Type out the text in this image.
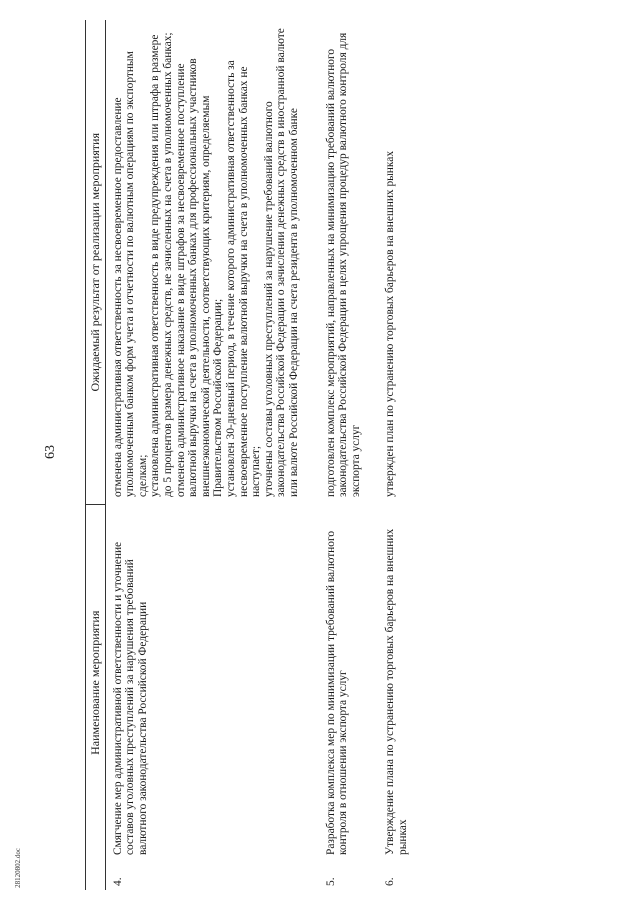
63
28120802.doc
	Наименование мероприятия	Ожидаемый результат от реализации мероприятия
4.	Смягчение мер административной ответственности и уточнение составов уголовных преступлений за нарушения требований валютного законодательства Российской Федерации	отменена административная ответственность за несвоевременное предоставление уполномоченным банком форм учета и отчетности по валютным операциям по экспортным сделкам; установлена административная ответственность в виде предупреждения или штрафа в размере до 5 процентов размера денежных средств, не зачисленных на счета в уполномоченных банках; отменено административное наказание в виде штрафов за несвоевременное поступление валютной выручки на счета в уполномоченных банках для профессиональных участников внешнеэкономической деятельности, соответствующих критериям, определяемым Правительством Российской Федерации; установлен 30-дневный период, в течение которого административная ответственность за несвоевременное поступление валютной выручки на счета в уполномоченных банках не наступает; уточнены составы уголовных преступлений за нарушение требований валютного законодательства Российской Федерации о зачислении денежных средств в иностранной валюте или валюте Российской Федерации на счета резидента в уполномоченном банке

5.	Разработка комплекса мер по минимизации требований валютного контроля в отношении экспорта услуг	подготовлен комплекс мероприятий, направленных на минимизацию требований валютного законодательства Российской Федерации в целях упрощения процедур валютного контроля для экспорта услуг

6.	Утверждение плана по устранению торговых барьеров на внешних рынках	утвержден план по устранению торговых барьеров на внешних рынках
